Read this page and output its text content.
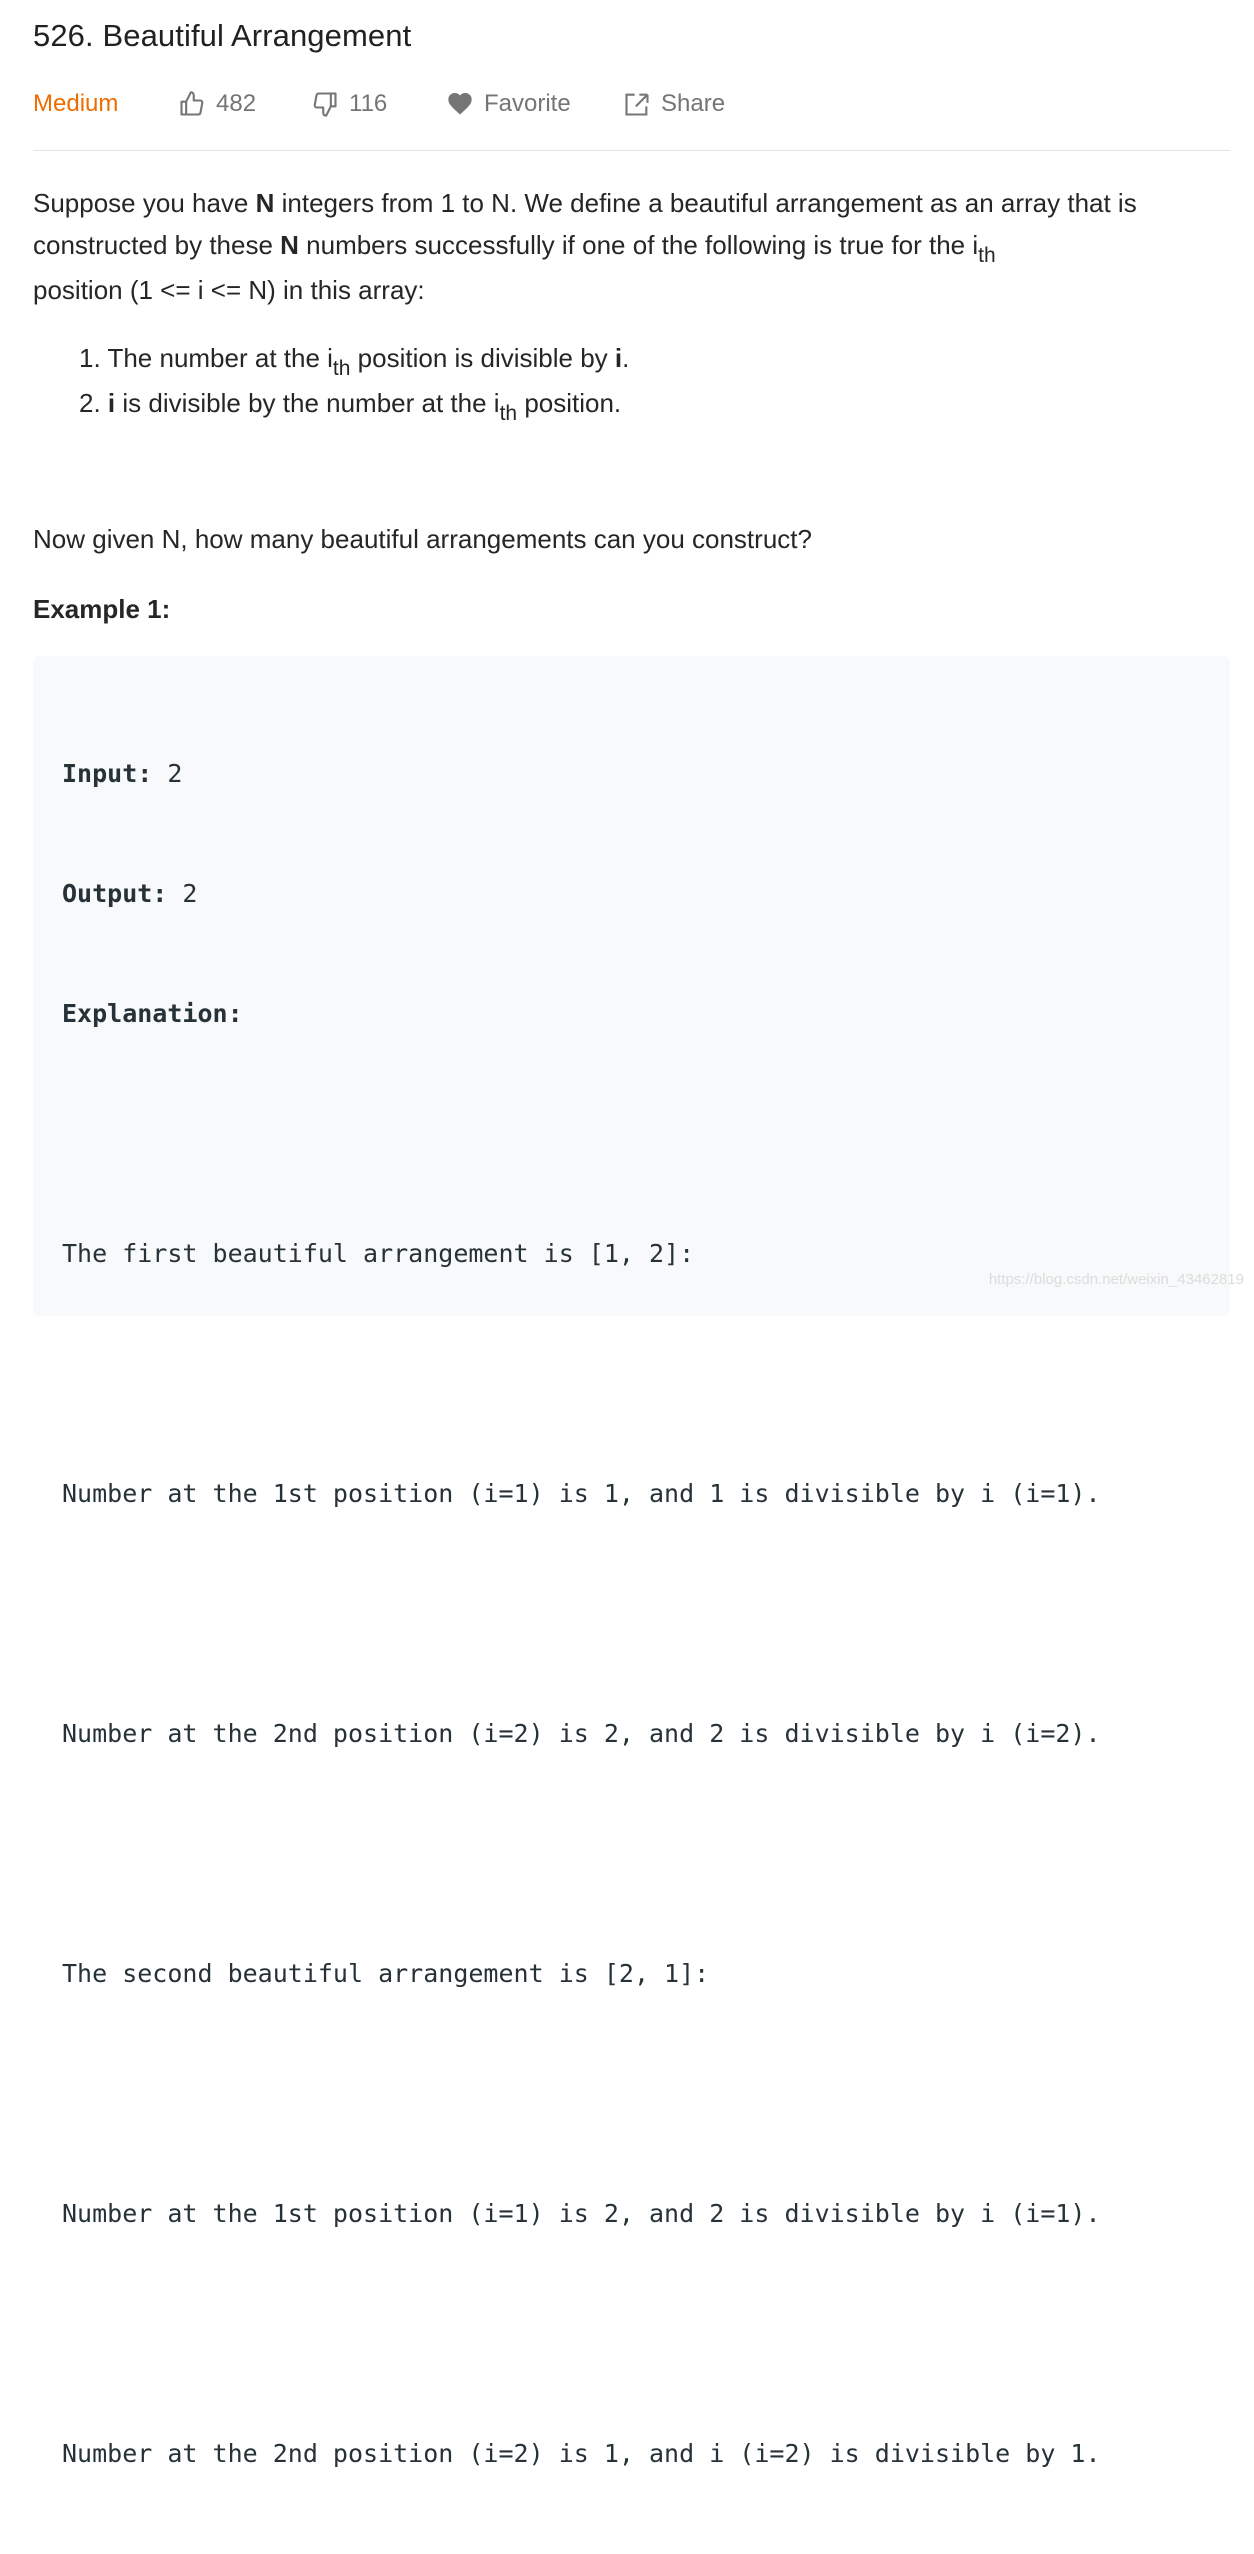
526. Beautiful Arrangement
Medium	482	116	Favorite	Share

Suppose you have N integers from 1 to N. We define a beautiful arrangement as an array that is constructed by these N numbers successfully if one of the following is true for the $i_{th}$
position (1 <= i <= N) in this array:

1. The number at the $i_{th}$ position is divisible by i.
2. i is divisible by the number at the $i_{th}$ position.
Now given N, how many beautiful arrangements can you construct?
Example 1:

Input: 2

Output: 2

Explanation:

The first beautiful arrangement is [1, 2]:

Number at the 1st position (i=1) is 1, and 1 is divisible by i (i=1).

Number at the 2nd position (i=2) is 2, and 2 is divisible by i (i=2).

The second beautiful arrangement is [2, 1]:

Number at the 1st position (i=1) is 2, and 2 is divisible by i (i=1).

Number at the 2nd position (i=2) is 1, and i (i=2) is divisible by 1.

https://blog.csdn.net/weixin_43462819
